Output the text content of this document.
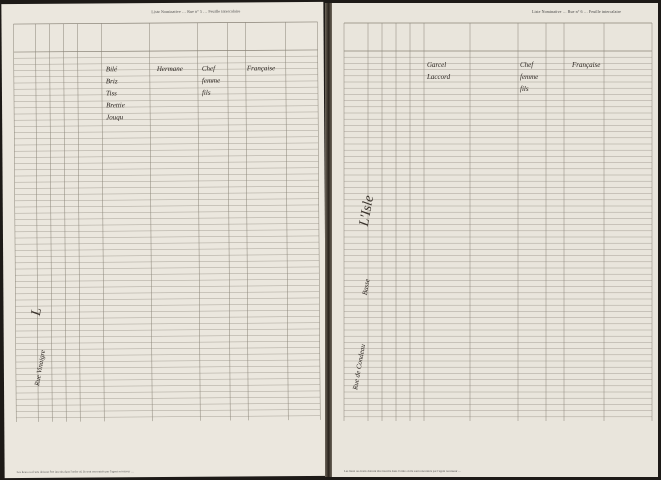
Liste Nominative … Rue n° 5 … Feuille intercalaire
Bilé
Briz
Tiss
Brettie
Jouqu
Hermane	Chef
femme
fils
Française
L
Rue Vinaigre
Les lieux ou écarts doivent être inscrits dans l'ordre où ils sont rencontrés par l'agent recenseur …
Liste Nominative … Rue n° 6 … Feuille intercalaire
Garcel
Laccord
Chef
femme
fils
Française
L'Isle
Basse
Rue de Condeau
Les lieux ou écarts doivent être inscrits dans l'ordre où ils sont rencontrés par l'agent recenseur …
